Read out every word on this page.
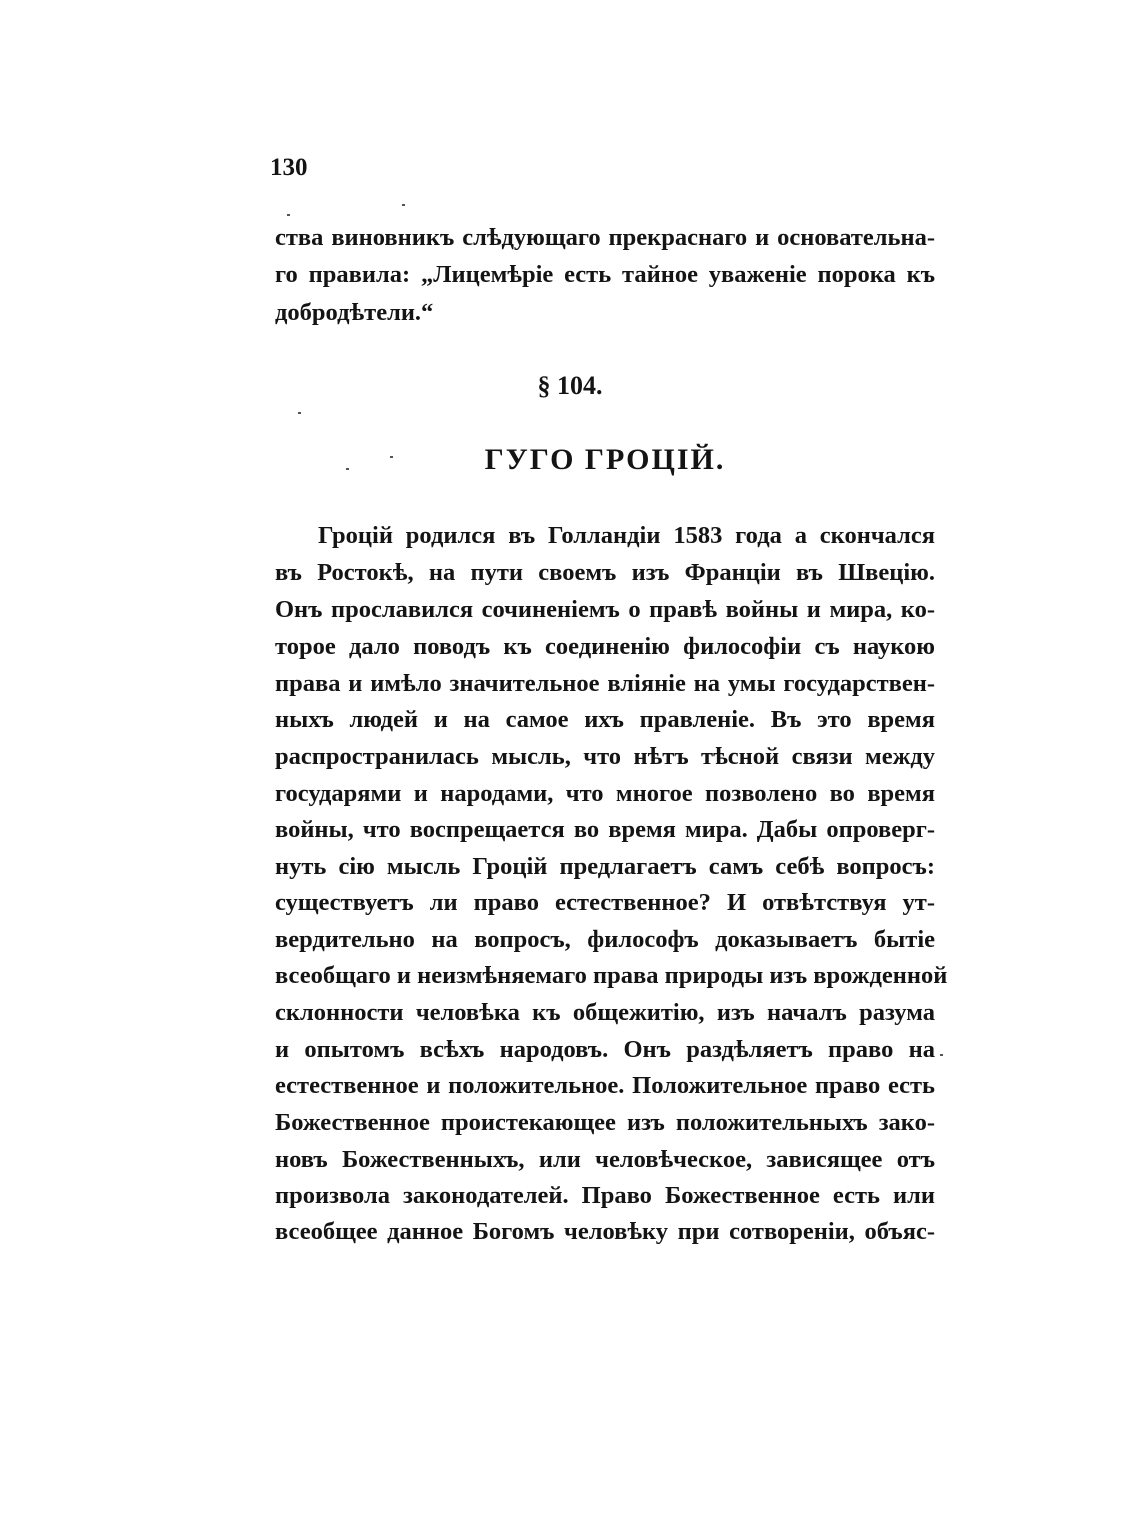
130
ства виновникъ слѣдующаго прекраснаго и основательна-
го правила: „Лицемѣріе есть тайное уваженіе порока къ
добродѣтели.“
§ 104.
ГУГО ГРОЦІЙ.
Гроцій родился въ Голландіи 1583 года а скончался
въ Ростокѣ, на пути своемъ изъ Франціи въ Швецію.
Онъ прославился сочиненіемъ о правѣ войны и мира, ко-
торое дало поводъ къ соединенію философіи съ наукою
права и имѣло значительное вліяніе на умы государствен-
ныхъ людей и на самое ихъ правленіе. Въ это время
распространилась мысль, что нѣтъ тѣсной связи между
государями и народами, что многое позволено во время
войны, что воспрещается во время мира. Дабы опроверг-
нуть сію мысль Гроцій предлагаетъ самъ себѣ вопросъ:
существуетъ ли право естественное? И отвѣтствуя ут-
вердительно на вопросъ, философъ доказываетъ бытіе
всеобщаго и неизмѣняемаго права природы изъ врожденной
склонности человѣка къ общежитію, изъ началъ разума
и опытомъ всѣхъ народовъ. Онъ раздѣляетъ право на
естественное и положительное. Положительное право есть
Божественное проистекающее изъ положительныхъ зако-
новъ Божественныхъ, или человѣческое, зависящее отъ
произвола законодателей. Право Божественное есть или
всеобщее данное Богомъ человѣку при сотвореніи, объяс-
